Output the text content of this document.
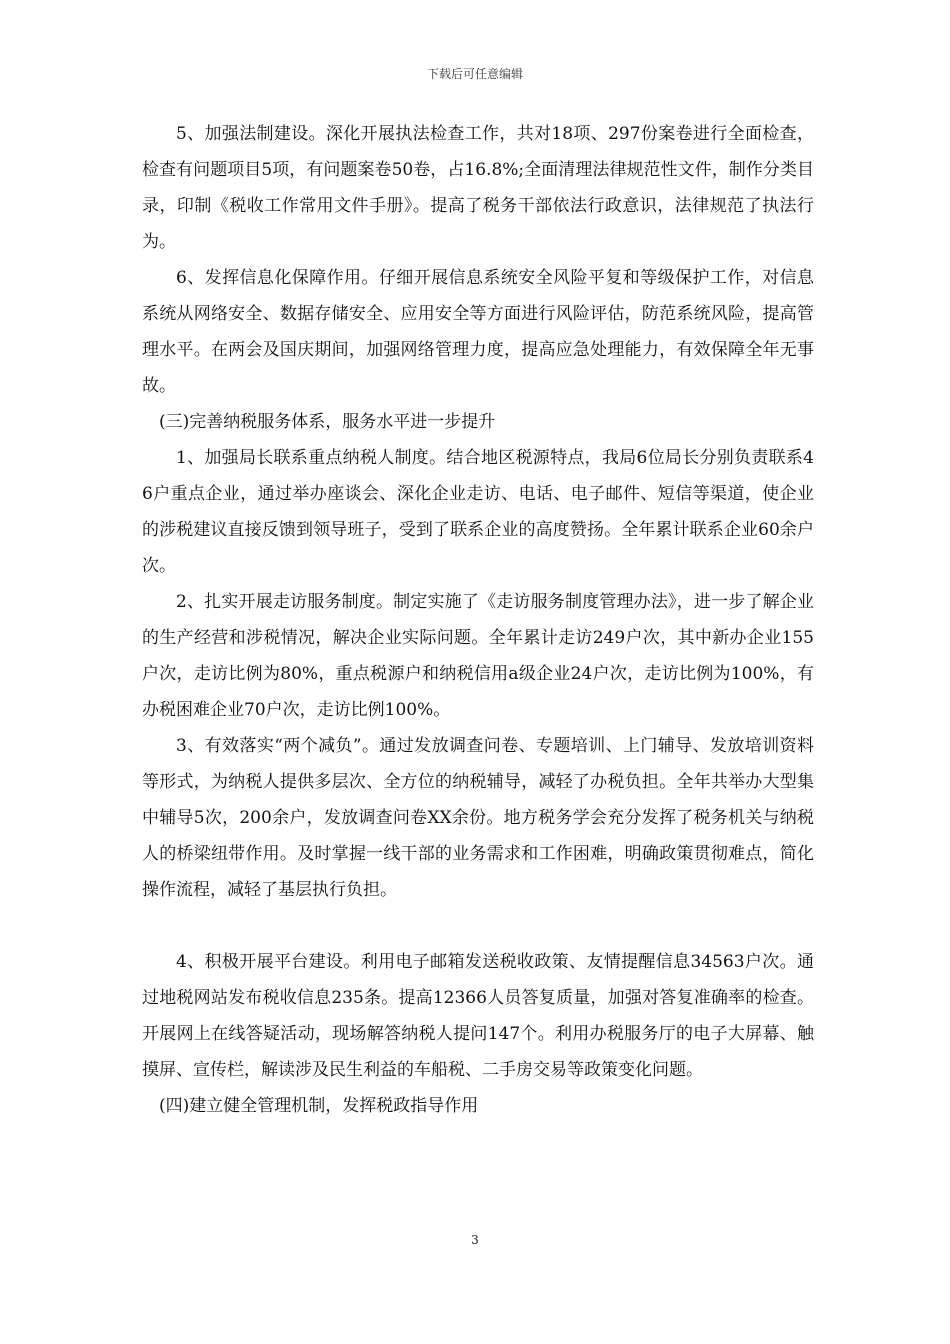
下载后可任意编辑

5、加强法制建设。深化开展执法检查工作，共对18项、297份案卷进行全面检查，检查有问题项目5项，有问题案卷50卷，占16.8%;全面清理法律规范性文件，制作分类目录，印制《税收工作常用文件手册》。提高了税务干部依法行政意识，法律规范了执法行为。

6、发挥信息化保障作用。仔细开展信息系统安全风险平复和等级保护工作，对信息系统从网络安全、数据存储安全、应用安全等方面进行风险评估，防范系统风险，提高管理水平。在两会及国庆期间，加强网络管理力度，提高应急处理能力，有效保障全年无事故。

(三)完善纳税服务体系，服务水平进一步提升

1、加强局长联系重点纳税人制度。结合地区税源特点，我局6位局长分别负责联系46户重点企业，通过举办座谈会、深化企业走访、电话、电子邮件、短信等渠道，使企业的涉税建议直接反馈到领导班子，受到了联系企业的高度赞扬。全年累计联系企业60余户次。

2、扎实开展走访服务制度。制定实施了《走访服务制度管理办法》，进一步了解企业的生产经营和涉税情况，解决企业实际问题。全年累计走访249户次，其中新办企业155户次，走访比例为80%，重点税源户和纳税信用a级企业24户次，走访比例为100%，有办税困难企业70户次，走访比例100%。

3、有效落实“两个减负”。通过发放调查问卷、专题培训、上门辅导、发放培训资料等形式，为纳税人提供多层次、全方位的纳税辅导，减轻了办税负担。全年共举办大型集中辅导5次，200余户，发放调查问卷XX余份。地方税务学会充分发挥了税务机关与纳税人的桥梁纽带作用。及时掌握一线干部的业务需求和工作困难，明确政策贯彻难点，简化操作流程，减轻了基层执行负担。

4、积极开展平台建设。利用电子邮箱发送税收政策、友情提醒信息34563户次。通过地税网站发布税收信息235条。提高12366人员答复质量，加强对答复准确率的检查。开展网上在线答疑活动，现场解答纳税人提问147个。利用办税服务厅的电子大屏幕、触摸屏、宣传栏，解读涉及民生利益的车船税、二手房交易等政策变化问题。

(四)建立健全管理机制，发挥税政指导作用

3
